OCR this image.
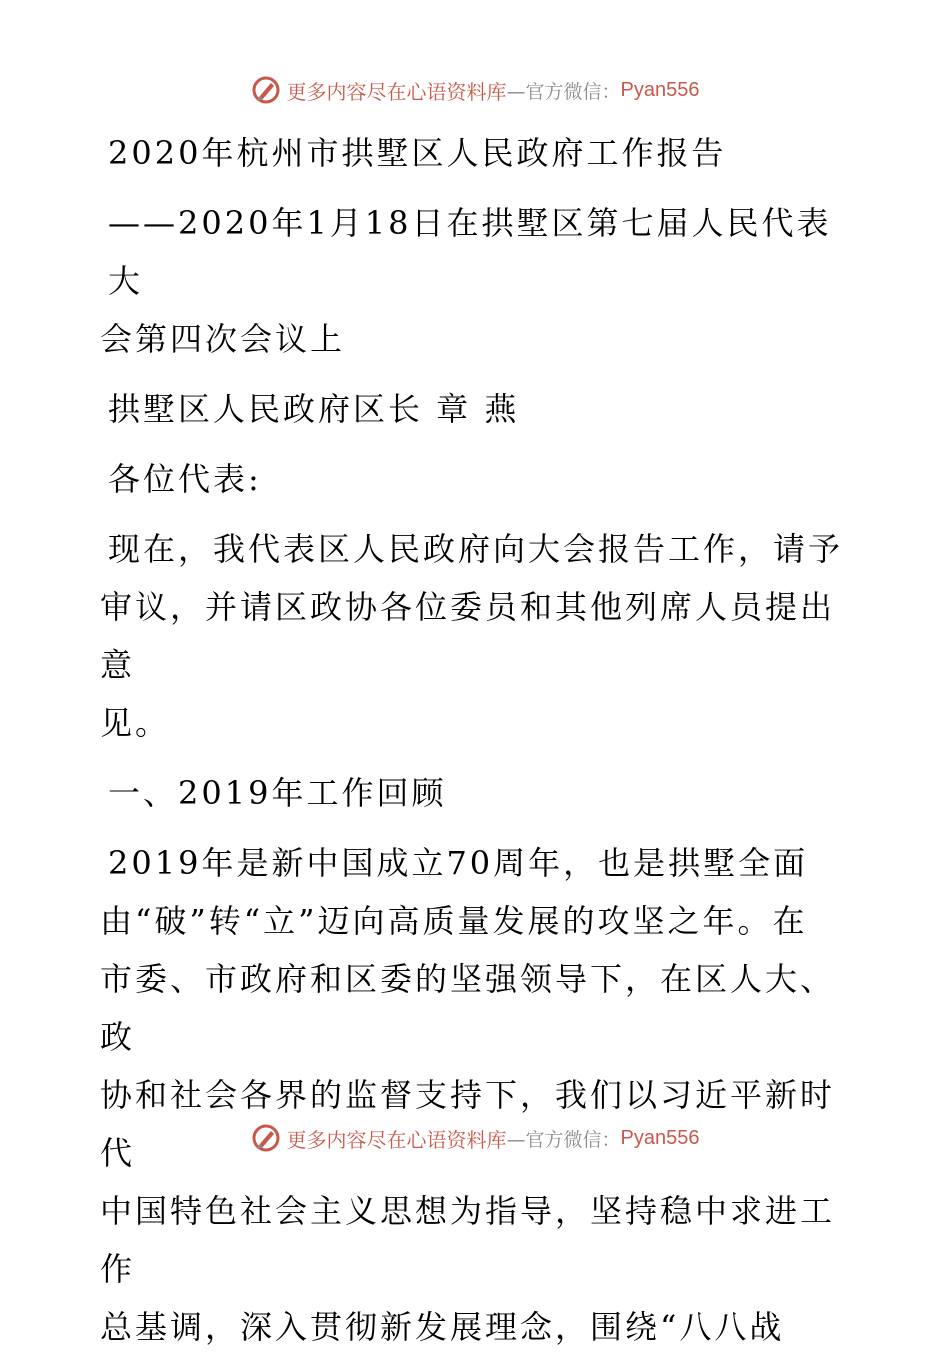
更多内容尽在心语资料库 —官方微信： Pyan556

2020年杭州市拱墅区人民政府工作报告

——2020年1月18日在拱墅区第七届人民代表大

会第四次会议上

拱墅区人民政府区长 章 燕

各位代表:

现在，我代表区人民政府向大会报告工作，请予

审议，并请区政协各位委员和其他列席人员提出意

见。

一、2019年工作回顾

2019年是新中国成立70周年，也是拱墅全面

由“破”转“立”迈向高质量发展的攻坚之年。在

市委、市政府和区委的坚强领导下，在区人大、政

协和社会各界的监督支持下，我们以习近平新时代

中国特色社会主义思想为指导，坚持稳中求进工作

总基调，深入贯彻新发展理念，围绕“八八战

更多内容尽在心语资料库 —官方微信： Pyan556
